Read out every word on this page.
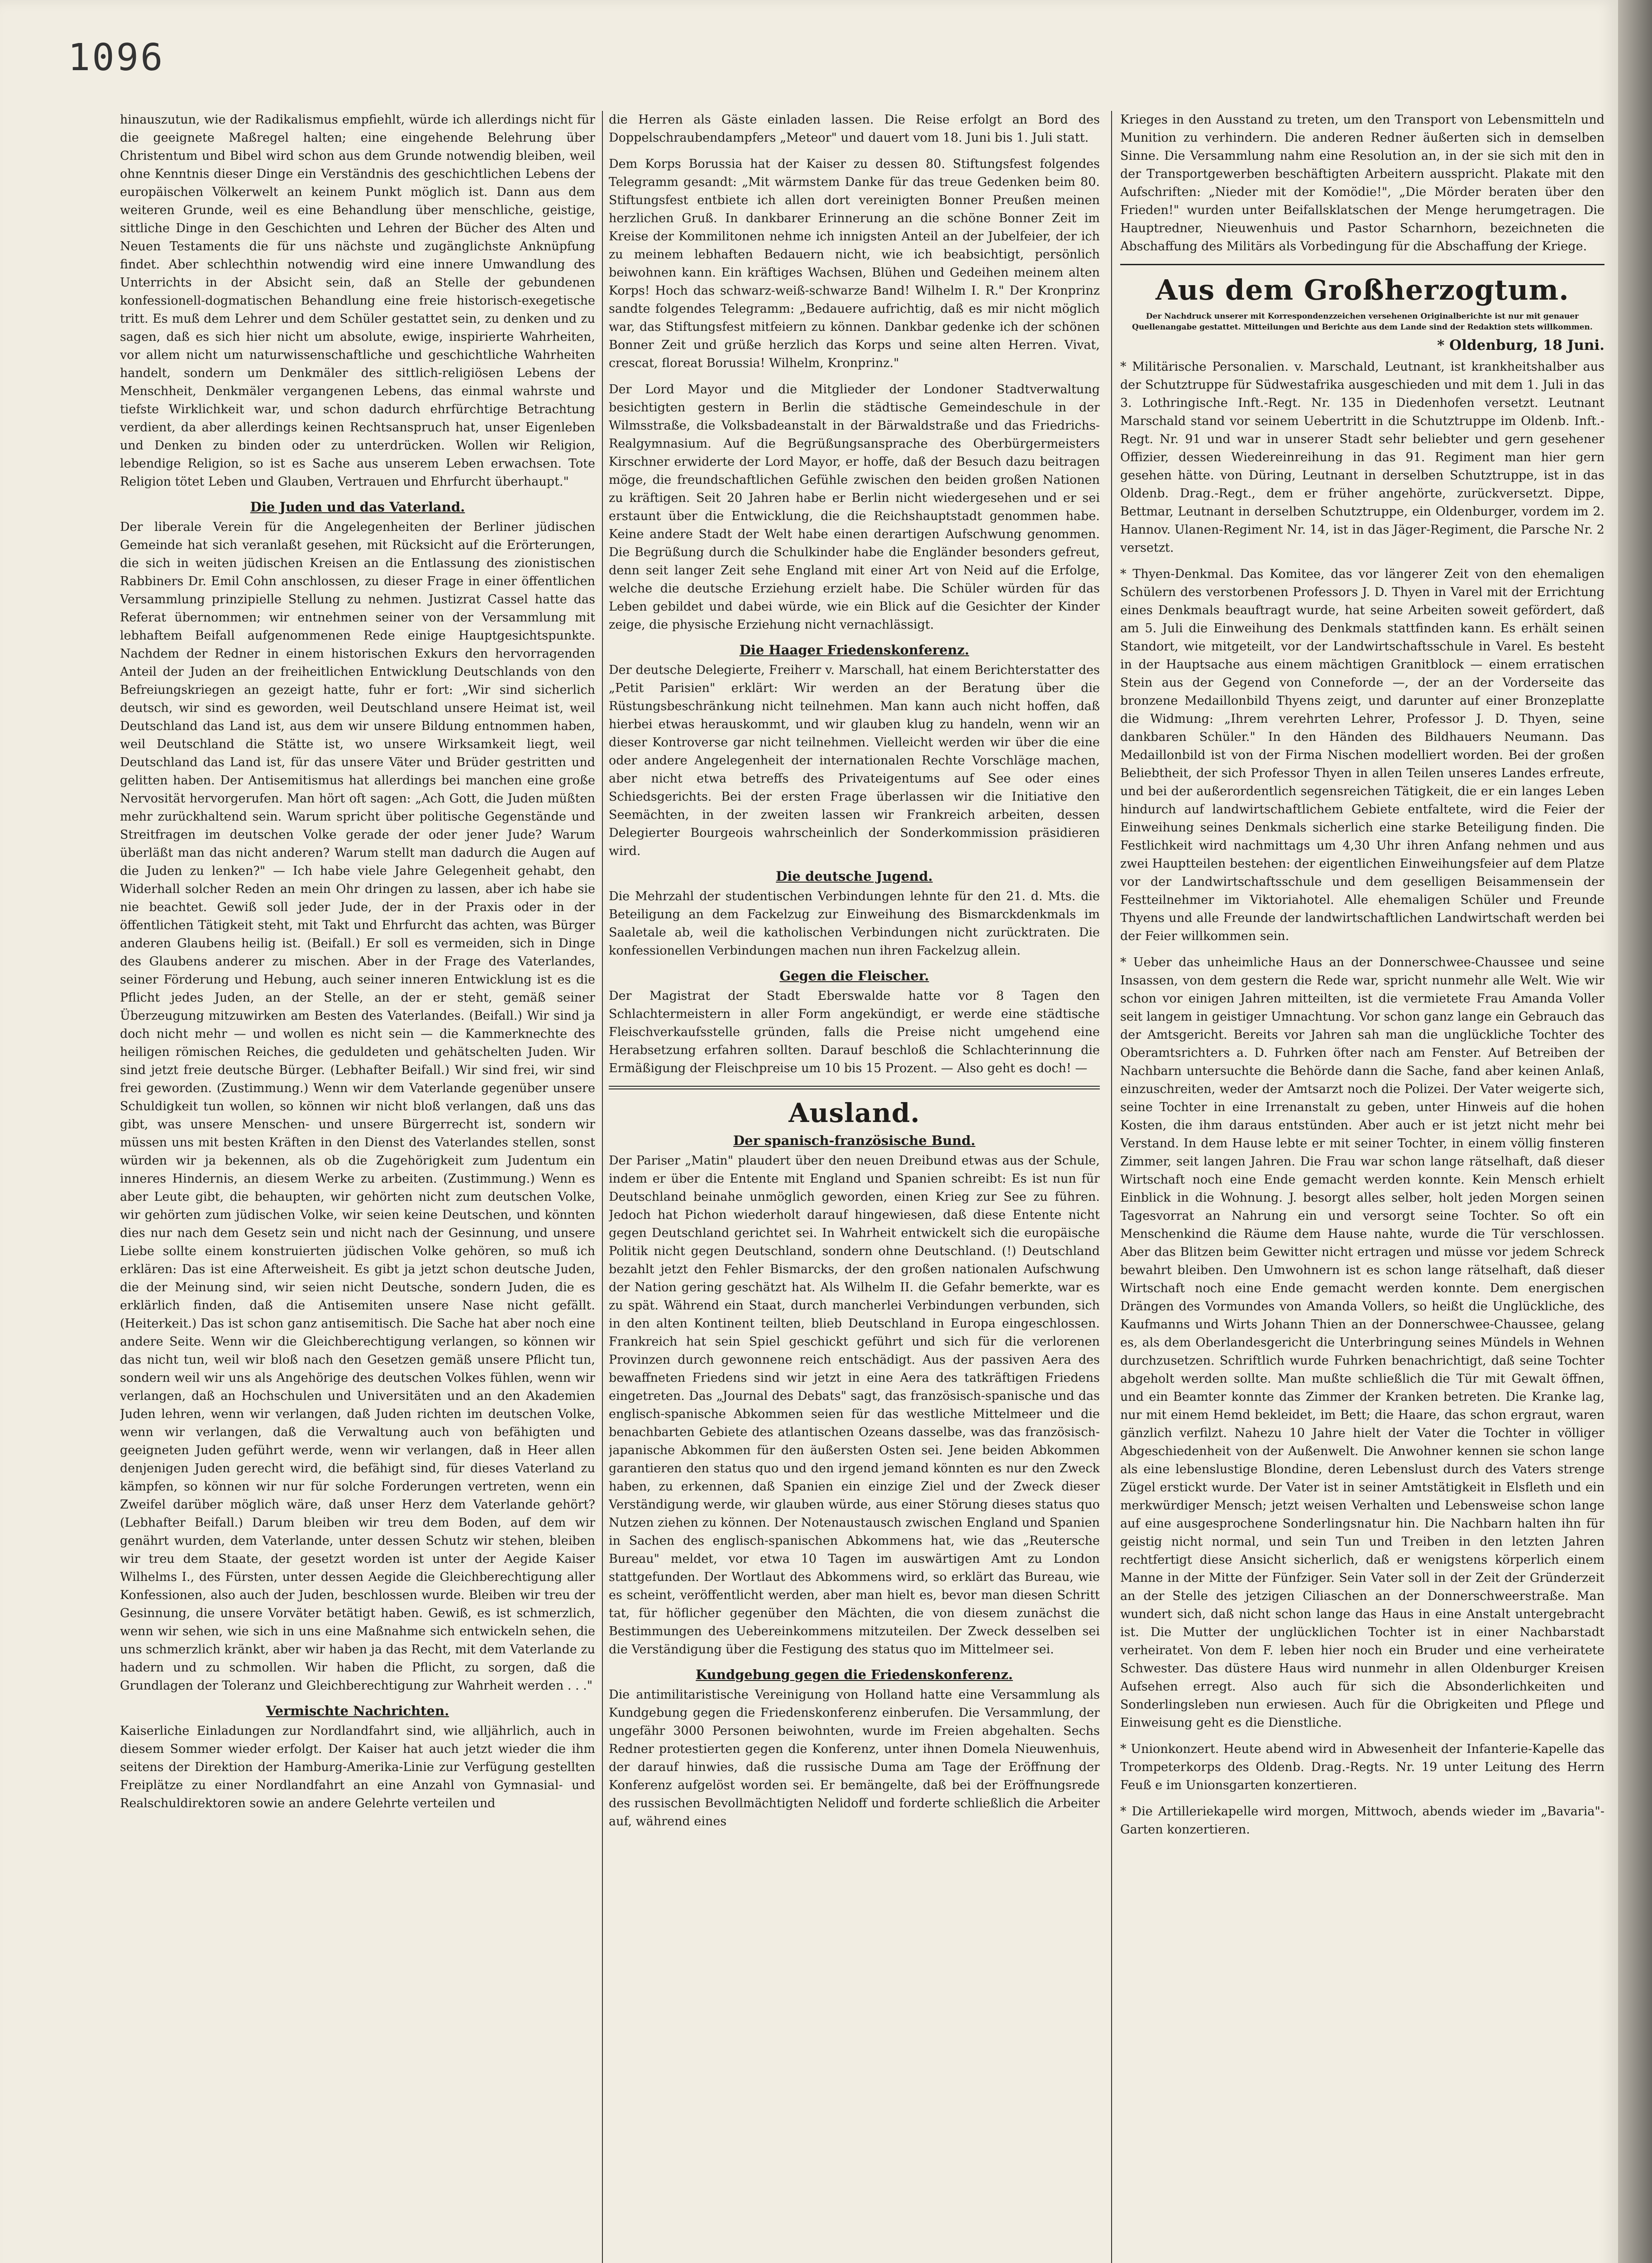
1096

hinauszutun, wie der Radikalismus empfiehlt, würde ich allerdings nicht für die geeignete Maßregel halten; eine eingehende Belehrung über Christentum und Bibel wird schon aus dem Grunde notwendig bleiben, weil ohne Kenntnis dieser Dinge ein Verständnis des geschichtlichen Lebens der europäischen Völkerwelt an keinem Punkt möglich ist. Dann aus dem weiteren Grunde, weil es eine Behandlung über menschliche, geistige, sittliche Dinge in den Geschichten und Lehren der Bücher des Alten und Neuen Testaments die für uns nächste und zugänglichste Anknüpfung findet. Aber schlechthin notwendig wird eine innere Umwandlung des Unterrichts in der Absicht sein, daß an Stelle der gebundenen konfessionell-dogmatischen Behandlung eine freie historisch-exegetische tritt. Es muß dem Lehrer und dem Schüler gestattet sein, zu denken und zu sagen, daß es sich hier nicht um absolute, ewige, inspirierte Wahrheiten, vor allem nicht um naturwissenschaftliche und geschichtliche Wahrheiten handelt, sondern um Denkmäler des sittlich-religiösen Lebens der Menschheit, Denkmäler vergangenen Lebens, das einmal wahrste und tiefste Wirklichkeit war, und schon dadurch ehrfürchtige Betrachtung verdient, da aber allerdings keinen Rechtsanspruch hat, unser Eigenleben und Denken zu binden oder zu unterdrücken. Wollen wir Religion, lebendige Religion, so ist es Sache aus unserem Leben erwachsen. Tote Religion tötet Leben und Glauben, Vertrauen und Ehrfurcht überhaupt."

Die Juden und das Vaterland.

Der liberale Verein für die Angelegenheiten der Berliner jüdischen Gemeinde hat sich veranlaßt gesehen, mit Rücksicht auf die Erörterungen, die sich in weiten jüdischen Kreisen an die Entlassung des zionistischen Rabbiners Dr. Emil Cohn anschlossen, zu dieser Frage in einer öffentlichen Versammlung prinzipielle Stellung zu nehmen. Justizrat Cassel hatte das Referat übernommen; wir entnehmen seiner von der Versammlung mit lebhaftem Beifall aufgenommenen Rede einige Hauptgesichtspunkte. Nachdem der Redner in einem historischen Exkurs den hervorragenden Anteil der Juden an der freiheitlichen Entwicklung Deutschlands von den Befreiungskriegen an gezeigt hatte, fuhr er fort: „Wir sind sicherlich deutsch, wir sind es geworden, weil Deutschland unsere Heimat ist, weil Deutschland das Land ist, aus dem wir unsere Bildung entnommen haben, weil Deutschland die Stätte ist, wo unsere Wirksamkeit liegt, weil Deutschland das Land ist, für das unsere Väter und Brüder gestritten und gelitten haben. Der Antisemitismus hat allerdings bei manchen eine große Nervosität hervorgerufen. Man hört oft sagen: „Ach Gott, die Juden müßten mehr zurückhaltend sein. Warum spricht über politische Gegenstände und Streitfragen im deutschen Volke gerade der oder jener Jude? Warum überläßt man das nicht anderen? Warum stellt man dadurch die Augen auf die Juden zu lenken?" — Ich habe viele Jahre Gelegenheit gehabt, den Widerhall solcher Reden an mein Ohr dringen zu lassen, aber ich habe sie nie beachtet. Gewiß soll jeder Jude, der in der Praxis oder in der öffentlichen Tätigkeit steht, mit Takt und Ehrfurcht das achten, was Bürger anderen Glaubens heilig ist. (Beifall.) Er soll es vermeiden, sich in Dinge des Glaubens anderer zu mischen. Aber in der Frage des Vaterlandes, seiner Förderung und Hebung, auch seiner inneren Entwicklung ist es die Pflicht jedes Juden, an der Stelle, an der er steht, gemäß seiner Überzeugung mitzuwirken am Besten des Vaterlandes. (Beifall.) Wir sind ja doch nicht mehr — und wollen es nicht sein — die Kammerknechte des heiligen römischen Reiches, die geduldeten und gehätschelten Juden. Wir sind jetzt freie deutsche Bürger. (Lebhafter Beifall.) Wir sind frei, wir sind frei geworden. (Zustimmung.) Wenn wir dem Vaterlande gegenüber unsere Schuldigkeit tun wollen, so können wir nicht bloß verlangen, daß uns das gibt, was unsere Menschen- und unsere Bürgerrecht ist, sondern wir müssen uns mit besten Kräften in den Dienst des Vaterlandes stellen, sonst würden wir ja bekennen, als ob die Zugehörigkeit zum Judentum ein inneres Hindernis, an diesem Werke zu arbeiten. (Zustimmung.) Wenn es aber Leute gibt, die behaupten, wir gehörten nicht zum deutschen Volke, wir gehörten zum jüdischen Volke, wir seien keine Deutschen, und könnten dies nur nach dem Gesetz sein und nicht nach der Gesinnung, und unsere Liebe sollte einem konstruierten jüdischen Volke gehören, so muß ich erklären: Das ist eine Afterweisheit. Es gibt ja jetzt schon deutsche Juden, die der Meinung sind, wir seien nicht Deutsche, sondern Juden, die es erklärlich finden, daß die Antisemiten unsere Nase nicht gefällt. (Heiterkeit.) Das ist schon ganz antisemitisch. Die Sache hat aber noch eine andere Seite. Wenn wir die Gleichberechtigung verlangen, so können wir das nicht tun, weil wir bloß nach den Gesetzen gemäß unsere Pflicht tun, sondern weil wir uns als Angehörige des deutschen Volkes fühlen, wenn wir verlangen, daß an Hochschulen und Universitäten und an den Akademien Juden lehren, wenn wir verlangen, daß Juden richten im deutschen Volke, wenn wir verlangen, daß die Verwaltung auch von befähigten und geeigneten Juden geführt werde, wenn wir verlangen, daß in Heer allen denjenigen Juden gerecht wird, die befähigt sind, für dieses Vaterland zu kämpfen, so können wir nur für solche Forderungen vertreten, wenn ein Zweifel darüber möglich wäre, daß unser Herz dem Vaterlande gehört? (Lebhafter Beifall.) Darum bleiben wir treu dem Boden, auf dem wir genährt wurden, dem Vaterlande, unter dessen Schutz wir stehen, bleiben wir treu dem Staate, der gesetzt worden ist unter der Aegide Kaiser Wilhelms I., des Fürsten, unter dessen Aegide die Gleichberechtigung aller Konfessionen, also auch der Juden, beschlossen wurde. Bleiben wir treu der Gesinnung, die unsere Vorväter betätigt haben. Gewiß, es ist schmerzlich, wenn wir sehen, wie sich in uns eine Maßnahme sich entwickeln sehen, die uns schmerzlich kränkt, aber wir haben ja das Recht, mit dem Vaterlande zu hadern und zu schmollen. Wir haben die Pflicht, zu sorgen, daß die Grundlagen der Toleranz und Gleichberechtigung zur Wahrheit werden . . ."

Vermischte Nachrichten.

Kaiserliche Einladungen zur Nordlandfahrt sind, wie alljährlich, auch in diesem Sommer wieder erfolgt. Der Kaiser hat auch jetzt wieder die ihm seitens der Direktion der Hamburg-Amerika-Linie zur Verfügung gestellten Freiplätze zu einer Nordlandfahrt an eine Anzahl von Gymnasial- und Realschuldirektoren sowie an andere Gelehrte verteilen und

die Herren als Gäste einladen lassen. Die Reise erfolgt an Bord des Doppelschraubendampfers „Meteor" und dauert vom 18. Juni bis 1. Juli statt.

Dem Korps Borussia hat der Kaiser zu dessen 80. Stiftungsfest folgendes Telegramm gesandt: „Mit wärmstem Danke für das treue Gedenken beim 80. Stiftungsfest entbiete ich allen dort vereinigten Bonner Preußen meinen herzlichen Gruß. In dankbarer Erinnerung an die schöne Bonner Zeit im Kreise der Kommilitonen nehme ich innigsten Anteil an der Jubelfeier, der ich zu meinem lebhaften Bedauern nicht, wie ich beabsichtigt, persönlich beiwohnen kann. Ein kräftiges Wachsen, Blühen und Gedeihen meinem alten Korps! Hoch das schwarz-weiß-schwarze Band! Wilhelm I. R." Der Kronprinz sandte folgendes Telegramm: „Bedauere aufrichtig, daß es mir nicht möglich war, das Stiftungsfest mitfeiern zu können. Dankbar gedenke ich der schönen Bonner Zeit und grüße herzlich das Korps und seine alten Herren. Vivat, crescat, floreat Borussia! Wilhelm, Kronprinz."

Der Lord Mayor und die Mitglieder der Londoner Stadtverwaltung besichtigten gestern in Berlin die städtische Gemeindeschule in der Wilmsstraße, die Volksbadeanstalt in der Bärwaldstraße und das Friedrichs-Realgymnasium. Auf die Begrüßungsansprache des Oberbürgermeisters Kirschner erwiderte der Lord Mayor, er hoffe, daß der Besuch dazu beitragen möge, die freundschaftlichen Gefühle zwischen den beiden großen Nationen zu kräftigen. Seit 20 Jahren habe er Berlin nicht wiedergesehen und er sei erstaunt über die Entwicklung, die die Reichshauptstadt genommen habe. Keine andere Stadt der Welt habe einen derartigen Aufschwung genommen. Die Begrüßung durch die Schulkinder habe die Engländer besonders gefreut, denn seit langer Zeit sehe England mit einer Art von Neid auf die Erfolge, welche die deutsche Erziehung erzielt habe. Die Schüler würden für das Leben gebildet und dabei würde, wie ein Blick auf die Gesichter der Kinder zeige, die physische Erziehung nicht vernachlässigt.

Die Haager Friedenskonferenz.

Der deutsche Delegierte, Freiherr v. Marschall, hat einem Berichterstatter des „Petit Parisien" erklärt: Wir werden an der Beratung über die Rüstungsbeschränkung nicht teilnehmen. Man kann auch nicht hoffen, daß hierbei etwas herauskommt, und wir glauben klug zu handeln, wenn wir an dieser Kontroverse gar nicht teilnehmen. Vielleicht werden wir über die eine oder andere Angelegenheit der internationalen Rechte Vorschläge machen, aber nicht etwa betreffs des Privateigentums auf See oder eines Schiedsgerichts. Bei der ersten Frage überlassen wir die Initiative den Seemächten, in der zweiten lassen wir Frankreich arbeiten, dessen Delegierter Bourgeois wahrscheinlich der Sonderkommission präsidieren wird.

Die deutsche Jugend.

Die Mehrzahl der studentischen Verbindungen lehnte für den 21. d. Mts. die Beteiligung an dem Fackelzug zur Einweihung des Bismarckdenkmals im Saaletale ab, weil die katholischen Verbindungen nicht zurücktraten. Die konfessionellen Verbindungen machen nun ihren Fackelzug allein.

Gegen die Fleischer.

Der Magistrat der Stadt Eberswalde hatte vor 8 Tagen den Schlachtermeistern in aller Form angekündigt, er werde eine städtische Fleischverkaufsstelle gründen, falls die Preise nicht umgehend eine Herabsetzung erfahren sollten. Darauf beschloß die Schlachterinnung die Ermäßigung der Fleischpreise um 10 bis 15 Prozent. — Also geht es doch! —

Ausland.
Der spanisch-französische Bund.

Der Pariser „Matin" plaudert über den neuen Dreibund etwas aus der Schule, indem er über die Entente mit England und Spanien schreibt: Es ist nun für Deutschland beinahe unmöglich geworden, einen Krieg zur See zu führen. Jedoch hat Pichon wiederholt darauf hingewiesen, daß diese Entente nicht gegen Deutschland gerichtet sei. In Wahrheit entwickelt sich die europäische Politik nicht gegen Deutschland, sondern ohne Deutschland. (!) Deutschland bezahlt jetzt den Fehler Bismarcks, der den großen nationalen Aufschwung der Nation gering geschätzt hat. Als Wilhelm II. die Gefahr bemerkte, war es zu spät. Während ein Staat, durch mancherlei Verbindungen verbunden, sich in den alten Kontinent teilten, blieb Deutschland in Europa eingeschlossen. Frankreich hat sein Spiel geschickt geführt und sich für die verlorenen Provinzen durch gewonnene reich entschädigt. Aus der passiven Aera des bewaffneten Friedens sind wir jetzt in eine Aera des tatkräftigen Friedens eingetreten. Das „Journal des Debats" sagt, das französisch-spanische und das englisch-spanische Abkommen seien für das westliche Mittelmeer und die benachbarten Gebiete des atlantischen Ozeans dasselbe, was das französisch-japanische Abkommen für den äußersten Osten sei. Jene beiden Abkommen garantieren den status quo und den irgend jemand könnten es nur den Zweck haben, zu erkennen, daß Spanien ein einzige Ziel und der Zweck dieser Verständigung werde, wir glauben würde, aus einer Störung dieses status quo Nutzen ziehen zu können. Der Notenaustausch zwischen England und Spanien in Sachen des englisch-spanischen Abkommens hat, wie das „Reutersche Bureau" meldet, vor etwa 10 Tagen im auswärtigen Amt zu London stattgefunden. Der Wortlaut des Abkommens wird, so erklärt das Bureau, wie es scheint, veröffentlicht werden, aber man hielt es, bevor man diesen Schritt tat, für höflicher gegenüber den Mächten, die von diesem zunächst die Bestimmungen des Uebereinkommens mitzuteilen. Der Zweck desselben sei die Verständigung über die Festigung des status quo im Mittelmeer sei.

Kundgebung gegen die Friedenskonferenz.

Die antimilitaristische Vereinigung von Holland hatte eine Versammlung als Kundgebung gegen die Friedenskonferenz einberufen. Die Versammlung, der ungefähr 3000 Personen beiwohnten, wurde im Freien abgehalten. Sechs Redner protestierten gegen die Konferenz, unter ihnen Domela Nieuwenhuis, der darauf hinwies, daß die russische Duma am Tage der Eröffnung der Konferenz aufgelöst worden sei. Er bemängelte, daß bei der Eröffnungsrede des russischen Bevollmächtigten Nelidoff und forderte schließlich die Arbeiter auf, während eines

Krieges in den Ausstand zu treten, um den Transport von Lebensmitteln und Munition zu verhindern. Die anderen Redner äußerten sich in demselben Sinne. Die Versammlung nahm eine Resolution an, in der sie sich mit den in der Transportgewerben beschäftigten Arbeitern ausspricht. Plakate mit den Aufschriften: „Nieder mit der Komödie!", „Die Mörder beraten über den Frieden!" wurden unter Beifallsklatschen der Menge herumgetragen. Die Hauptredner, Nieuwenhuis und Pastor Scharnhorn, bezeichneten die Abschaffung des Militärs als Vorbedingung für die Abschaffung der Kriege.

Aus dem Großherzogtum.
Der Nachdruck unserer mit Korrespondenzzeichen versehenen Originalberichte ist nur mit genauer Quellenangabe gestattet. Mitteilungen und Berichte aus dem Lande sind der Redaktion stets willkommen.
* Oldenburg, 18 Juni.

* Militärische Personalien. v. Marschald, Leutnant, ist krankheitshalber aus der Schutztruppe für Südwestafrika ausgeschieden und mit dem 1. Juli in das 3. Lothringische Inft.-Regt. Nr. 135 in Diedenhofen versetzt. Leutnant Marschald stand vor seinem Uebertritt in die Schutztruppe im Oldenb. Inft.-Regt. Nr. 91 und war in unserer Stadt sehr beliebter und gern gesehener Offizier, dessen Wiedereinreihung in das 91. Regiment man hier gern gesehen hätte. von Düring, Leutnant in derselben Schutztruppe, ist in das Oldenb. Drag.-Regt., dem er früher angehörte, zurückversetzt. Dippe, Bettmar, Leutnant in derselben Schutztruppe, ein Oldenburger, vordem im 2. Hannov. Ulanen-Regiment Nr. 14, ist in das Jäger-Regiment, die Parsche Nr. 2 versetzt.

* Thyen-Denkmal. Das Komitee, das vor längerer Zeit von den ehemaligen Schülern des verstorbenen Professors J. D. Thyen in Varel mit der Errichtung eines Denkmals beauftragt wurde, hat seine Arbeiten soweit gefördert, daß am 5. Juli die Einweihung des Denkmals stattfinden kann. Es erhält seinen Standort, wie mitgeteilt, vor der Landwirtschaftsschule in Varel. Es besteht in der Hauptsache aus einem mächtigen Granitblock — einem erratischen Stein aus der Gegend von Conneforde —, der an der Vorderseite das bronzene Medaillonbild Thyens zeigt, und darunter auf einer Bronzeplatte die Widmung: „Ihrem verehrten Lehrer, Professor J. D. Thyen, seine dankbaren Schüler." In den Händen des Bildhauers Neumann. Das Medaillonbild ist von der Firma Nischen modelliert worden. Bei der großen Beliebtheit, der sich Professor Thyen in allen Teilen unseres Landes erfreute, und bei der außerordentlich segensreichen Tätigkeit, die er ein langes Leben hindurch auf landwirtschaftlichem Gebiete entfaltete, wird die Feier der Einweihung seines Denkmals sicherlich eine starke Beteiligung finden. Die Festlichkeit wird nachmittags um 4,30 Uhr ihren Anfang nehmen und aus zwei Hauptteilen bestehen: der eigentlichen Einweihungsfeier auf dem Platze vor der Landwirtschaftsschule und dem geselligen Beisammensein der Festteilnehmer im Viktoriahotel. Alle ehemaligen Schüler und Freunde Thyens und alle Freunde der landwirtschaftlichen Landwirtschaft werden bei der Feier willkommen sein.

* Ueber das unheimliche Haus an der Donnerschwee-Chaussee und seine Insassen, von dem gestern die Rede war, spricht nunmehr alle Welt. Wie wir schon vor einigen Jahren mitteilten, ist die vermietete Frau Amanda Voller seit langem in geistiger Umnachtung. Vor schon ganz lange ein Gebrauch das der Amtsgericht. Bereits vor Jahren sah man die unglückliche Tochter des Oberamtsrichters a. D. Fuhrken öfter nach am Fenster. Auf Betreiben der Nachbarn untersuchte die Behörde dann die Sache, fand aber keinen Anlaß, einzuschreiten, weder der Amtsarzt noch die Polizei. Der Vater weigerte sich, seine Tochter in eine Irrenanstalt zu geben, unter Hinweis auf die hohen Kosten, die ihm daraus entstünden. Aber auch er ist jetzt nicht mehr bei Verstand. In dem Hause lebte er mit seiner Tochter, in einem völlig finsteren Zimmer, seit langen Jahren. Die Frau war schon lange rätselhaft, daß dieser Wirtschaft noch eine Ende gemacht werden konnte. Kein Mensch erhielt Einblick in die Wohnung. J. besorgt alles selber, holt jeden Morgen seinen Tagesvorrat an Nahrung ein und versorgt seine Tochter. So oft ein Menschenkind die Räume dem Hause nahte, wurde die Tür verschlossen. Aber das Blitzen beim Gewitter nicht ertragen und müsse vor jedem Schreck bewahrt bleiben. Den Umwohnern ist es schon lange rätselhaft, daß dieser Wirtschaft noch eine Ende gemacht werden konnte. Dem energischen Drängen des Vormundes von Amanda Vollers, so heißt die Unglückliche, des Kaufmanns und Wirts Johann Thien an der Donnerschwee-Chaussee, gelang es, als dem Oberlandesgericht die Unterbringung seines Mündels in Wehnen durchzusetzen. Schriftlich wurde Fuhrken benachrichtigt, daß seine Tochter abgeholt werden sollte. Man mußte schließlich die Tür mit Gewalt öffnen, und ein Beamter konnte das Zimmer der Kranken betreten. Die Kranke lag, nur mit einem Hemd bekleidet, im Bett; die Haare, das schon ergraut, waren gänzlich verfilzt. Nahezu 10 Jahre hielt der Vater die Tochter in völliger Abgeschiedenheit von der Außenwelt. Die Anwohner kennen sie schon lange als eine lebenslustige Blondine, deren Lebenslust durch des Vaters strenge Zügel erstickt wurde. Der Vater ist in seiner Amtstätigkeit in Elsfleth und ein merkwürdiger Mensch; jetzt weisen Verhalten und Lebensweise schon lange auf eine ausgesprochene Sonderlingsnatur hin. Die Nachbarn halten ihn für geistig nicht normal, und sein Tun und Treiben in den letzten Jahren rechtfertigt diese Ansicht sicherlich, daß er wenigstens körperlich einem Manne in der Mitte der Fünfziger. Sein Vater soll in der Zeit der Gründerzeit an der Stelle des jetzigen Ciliaschen an der Donnerschweerstraße. Man wundert sich, daß nicht schon lange das Haus in eine Anstalt untergebracht ist. Die Mutter der unglücklichen Tochter ist in einer Nachbarstadt verheiratet. Von dem F. leben hier noch ein Bruder und eine verheiratete Schwester. Das düstere Haus wird nunmehr in allen Oldenburger Kreisen Aufsehen erregt. Also auch für sich die Absonderlichkeiten und Sonderlingsleben nun erwiesen. Auch für die Obrigkeiten und Pflege und Einweisung geht es die Dienstliche.

* Unionkonzert. Heute abend wird in Abwesenheit der Infanterie-Kapelle das Trompeterkorps des Oldenb. Drag.-Regts. Nr. 19 unter Leitung des Herrn Feuß e im Unionsgarten konzertieren.

* Die Artilleriekapelle wird morgen, Mittwoch, abends wieder im „Bavaria"-Garten konzertieren.
